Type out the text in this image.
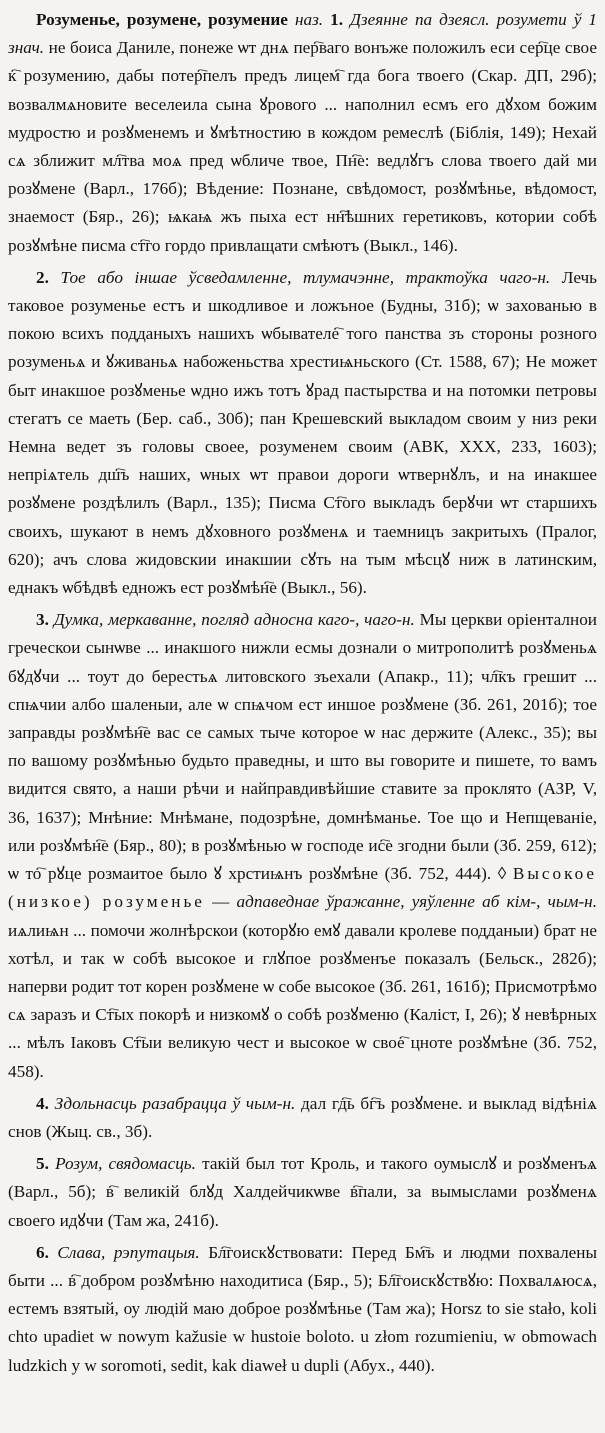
Розуменье, розумене, розумение наз. 1. Дзеянне па дзеясл. розумети ў 1 знач. не боиса Даниле, понеже ѡт днѧ пер҇ваго вонъже положилъ еси сер҇це свое к҇ розумению, дабы потер҇пелъ предъ лицем҇ гда бога твоего (Скар. ДП, 29б); возвалмѧновите веселеила сына ꙋрового ... наполнил есмъ его дꙋхом божим мудростю и розꙋменемъ и ꙋмѣтностию в кождом ремеслѣ (Біблія, 149); Нехай сѧ зближит мл҇тва моѧ пред ѡбличе твое, Пн҇е: ведлꙋгъ слова твоего дай ми розꙋмене (Варл., 176б); Вѣдение: Познане, свѣдомост, розꙋмѣнье, вѣдомост, знаемост (Бяр., 26); ѩкаѩ жъ пыха ест нн҇ѣшних геретиковъ, котории собѣ розꙋмѣне писма ст҇го гордо привлащати смѣютъ (Выкл., 146).

2. Тое або іншае ўсведамленне, тлумачэнне, трактоўка чаго-н. Лечь таковое розуменье естъ и шкодливое и ложъное (Будны, 31б); ѡ захованью в покою всихъ подданыхъ нашихъ ѡбывателе҇ того панства зъ стороны розного розуменьѧ и ꙋживаньѧ набоженьства хрестиѩньского (Ст. 1588, 67); Не может быт инакшое розꙋменье ѡдно ижъ тотъ ꙋрад пастырства и на потомки петровы стегатъ се маеть (Бер. саб., 30б); пан Крешевский выкладом своим у низ реки Немна ведет зъ головы своее, розуменем своим (АВК, XXX, 233, 1603); непріѧтель дш҇ъ наших, ѡных ѡт правои дороги ѡтвернꙋлъ, и на инакшее розꙋмене роздѣлилъ (Варл., 135); Писма Ст҇ого выкладъ берꙋчи ѡт старшихъ своихъ, шукают в немъ дꙋховного розꙋменѧ и таемницъ закритыхъ (Пралог, 620); ачъ слова жидовскии инакшии сꙋть на тым мѣсцꙋ ниж в латинским, еднакъ ѡбѣдвѣ едножъ ест розꙋмѣн҇е (Выкл., 56).

3. Думка, меркаванне, погляд адносна каго-, чаго-н. Мы церкви оріенталнои греческои сынѡве ... инакшого нижли есмы дознали о митрополитѣ розꙋменьѧ бꙋдꙋчи ... тоут до берестьѧ литовского зъехали (Апакр., 11); чл҇къ грешит ... спѩчии албо шаленыи, але ѡ спѩчом ест иншое розꙋмене (Зб. 261, 201б); тое заправды розꙋмѣн҇е вас се самых тыче которое ѡ нас держите (Алекс., 35); вы по вашому розꙋмѣнью будьто праведны, и што вы говорите и пишете, то вамъ видится свято, а наши рѣчи и найправдивѣйшие ставите за проклято (АЗР, V, 36, 1637); Мнѣние: Мнѣмане, подозрѣне, домнѣманье. Тое що и Непщеваніе, или розꙋмѣн҇е (Бяр., 80); в розꙋмѣнью ѡ господе ис҇е згодни были (Зб. 259, 612); ѡ то҇ рꙋце розмаитое было ꙋ хрстиѩнъ розꙋмѣне (Зб. 752, 444). ◊ Высокое (низкое) розуменье — адпаведнае ўражанне, уяўленне аб кім-, чым-н. иѧлиѩн ... помочи жолнѣрскои (которꙋю емꙋ давали кролеве подданыи) брат не хотѣл, и так ѡ собѣ высокое и глꙋпое розꙋменъе показалъ (Бельск., 282б); наперви родит тот корен розꙋмене ѡ собе высокое (Зб. 261, 161б); Присмотрѣмо сѧ заразъ и Ст҇ых покорѣ и низкомꙋ о собѣ розꙋменю (Каліст, I, 26); ꙋ невѣрных ... мѣлъ Іаковъ Ст҇ыи великую чест и высокое ѡ свое҇ цноте розꙋмѣне (Зб. 752, 458).

4. Здольнасць разабрацца ў чым-н. дал гд҇ь бг҇ъ розꙋмене. и выклад вiдѣнiѧ снов (Жыц. св., 3б).

5. Розум, свядомасць. такій был тот Кроль, и такого оумыслꙋ и розꙋменъѧ (Варл., 5б); в҇ великій блꙋд Халдейчикѡве в҇пали, за вымыслами розꙋменѧ своего идꙋчи (Там жа, 241б).

6. Слава, рэпутацыя. Бл҇гоискꙋствовати: Перед Бм҇ъ и людми похвалены быти ... в҇ добром розꙋмѣню находитиса (Бяр., 5); Бл҇гоискꙋствꙋю: Похвалѧюсѧ, естемъ взятый, оу людій маю доброе розꙋмѣнье (Там жа); Horsz to sie stało, koli chto upadiet w nowym kažusie w hustoie boloto. u złom rozumieniu, w obmowach ludzkich y w soromoti, sedit, kak diaweł u dupli (Абух., 440).
